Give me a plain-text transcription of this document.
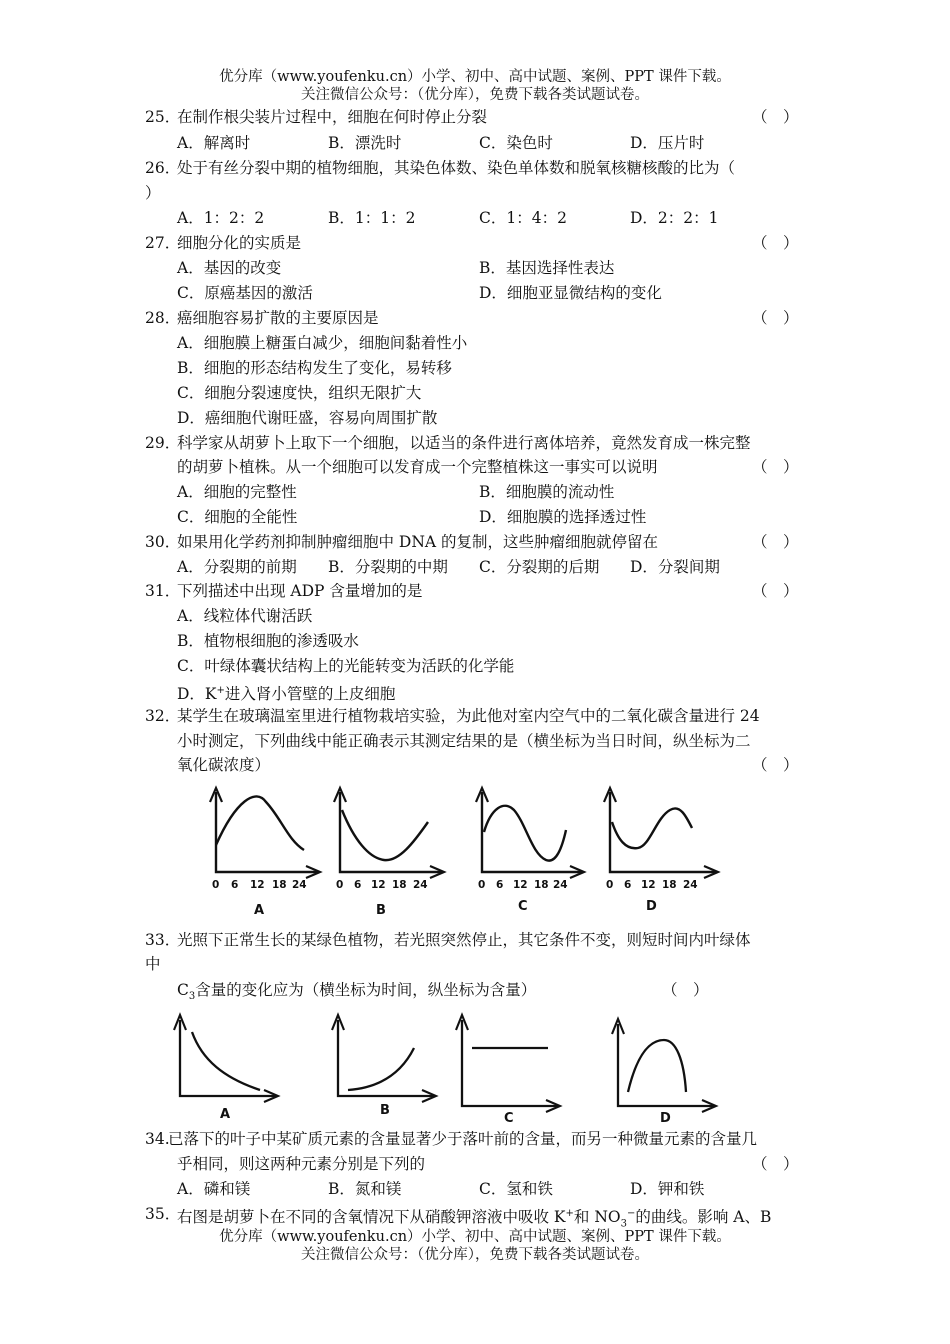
优分库（www.youfenku.cn）小学、初中、高中试题、案例、PPT 课件下载。
关注微信公众号：（优分库），免费下载各类试题试卷。
25．
在制作根尖装片过程中，细胞在何时停止分裂	（　）
A．解离时	B．漂洗时	C．染色时	D．压片时
26．
处于有丝分裂中期的植物细胞，其染色体数、染色单体数和脱氧核糖核酸的比为（
）
A．1：2：2	B．1：1：2	C．1：4：2	D．2：2：1
27．
细胞分化的实质是	（　）
A．基因的改变	B．基因选择性表达
C．原癌基因的激活	D．细胞亚显微结构的变化
28．
癌细胞容易扩散的主要原因是	（　）
A．细胞膜上糖蛋白减少，细胞间黏着性小
B．细胞的形态结构发生了变化，易转移
C．细胞分裂速度快，组织无限扩大
D．癌细胞代谢旺盛，容易向周围扩散
29．
科学家从胡萝卜上取下一个细胞，以适当的条件进行离体培养，竟然发育成一株完整
的胡萝卜植株。从一个细胞可以发育成一个完整植株这一事实可以说明	（　）
A．细胞的完整性	B．细胞膜的流动性
C．细胞的全能性	D．细胞膜的选择透过性
30．
如果用化学药剂抑制肿瘤细胞中 DNA 的复制，这些肿瘤细胞就停留在	（　）
A．分裂期的前期 B．分裂期的中期 C．分裂期的后期 D．分裂间期
31．
下列描述中出现 ADP 含量增加的是	（　）
A．线粒体代谢活跃
B．植物根细胞的渗透吸水
C．叶绿体囊状结构上的光能转变为活跃的化学能
D．K+进入肾小管壁的上皮细胞
32．
某学生在玻璃温室里进行植物栽培实验，为此他对室内空气中的二氧化碳含量进行 24
小时测定，下列曲线中能正确表示其测定结果的是（横坐标为当日时间，纵坐标为二
氧化碳浓度）	（　）
0 6 12 18 24
A
0 6 12 18 24
B
0 6 12 18 24
C
0 6 12 18 24
D
33．
光照下正常生长的某绿色植物，若光照突然停止，其它条件不变，则短时间内叶绿体
中
$C_3$含量的变化应为（横坐标为时间，纵坐标为含量）	（　）
A	B
C	D
34.
已落下的叶子中某矿质元素的含量显著少于落叶前的含量，而另一种微量元素的含量几
乎相同，则这两种元素分别是下列的	（　）
A．磷和镁	B．氮和镁	C．氢和铁	D．钾和铁
35．
右图是胡萝卜在不同的含氧情况下从硝酸钾溶液中吸收 K+和 $NO_3^-$的曲线。影响 A、B
优分库（www.youfenku.cn）小学、初中、高中试题、案例、PPT 课件下载。
关注微信公众号：（优分库），免费下载各类试题试卷。
